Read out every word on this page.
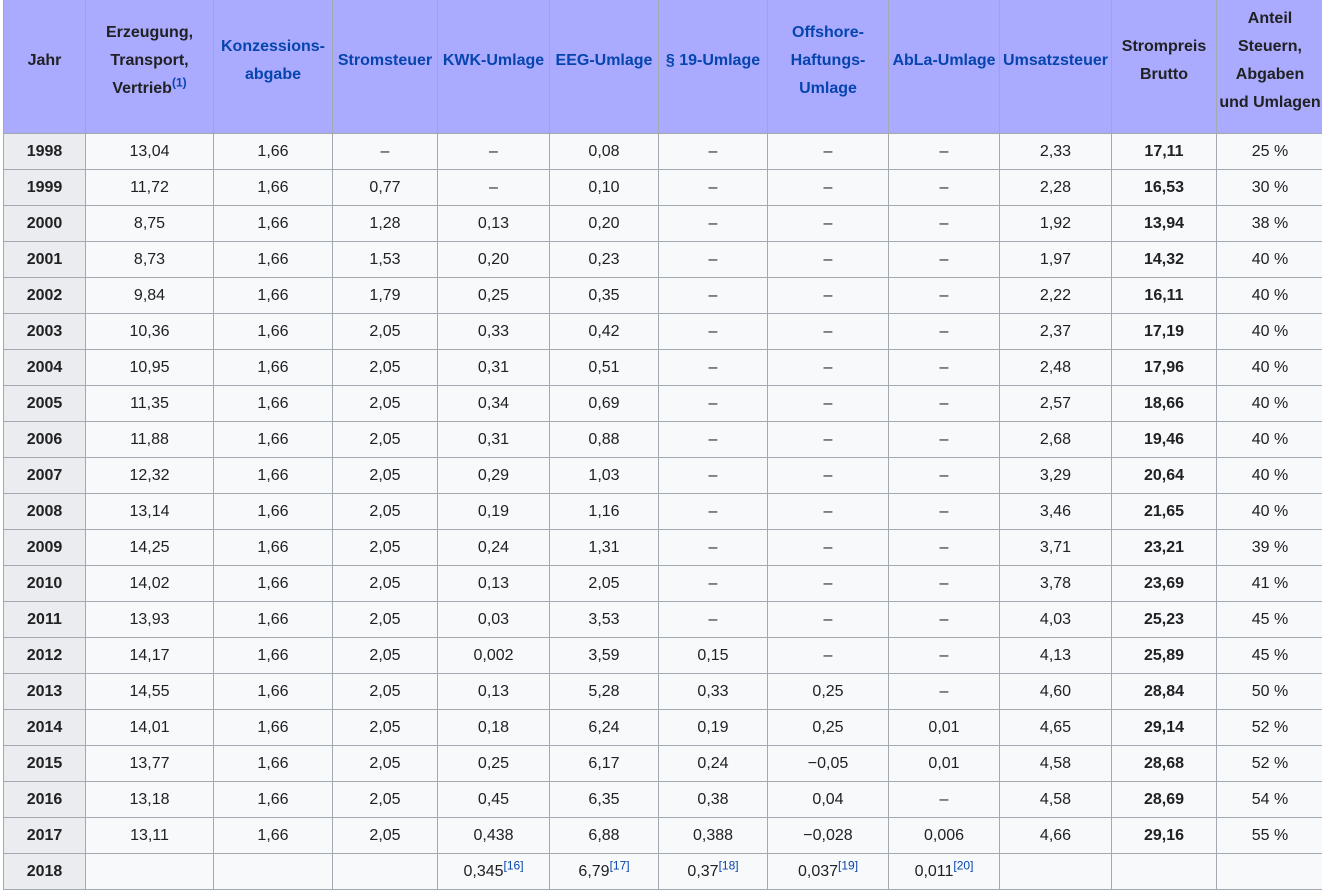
Jahr	Erzeugung, Transport, Vertrieb$^{(1)}$	Konzessionsabgabe	Stromsteuer	KWK-Umlage	EEG-Umlage	§ 19-Umlage	Offshore-HaftungsUmlage	AbLa-Umlage	Umsatzsteuer	Strompreis Brutto	Anteil Steuern, Abgaben und Umlagen
1998	13,04	1,66	–	–	0,08	–	–	–	2,33	17,11	25 %
1999	11,72	1,66	0,77	–	0,10	–	–	–	2,28	16,53	30 %
2000	8,75	1,66	1,28	0,13	0,20	–	–	–	1,92	13,94	38 %
2001	8,73	1,66	1,53	0,20	0,23	–	–	–	1,97	14,32	40 %
2002	9,84	1,66	1,79	0,25	0,35	–	–	–	2,22	16,11	40 %
2003	10,36	1,66	2,05	0,33	0,42	–	–	–	2,37	17,19	40 %
2004	10,95	1,66	2,05	0,31	0,51	–	–	–	2,48	17,96	40 %
2005	11,35	1,66	2,05	0,34	0,69	–	–	–	2,57	18,66	40 %
2006	11,88	1,66	2,05	0,31	0,88	–	–	–	2,68	19,46	40 %
2007	12,32	1,66	2,05	0,29	1,03	–	–	–	3,29	20,64	40 %
2008	13,14	1,66	2,05	0,19	1,16	–	–	–	3,46	21,65	40 %
2009	14,25	1,66	2,05	0,24	1,31	–	–	–	3,71	23,21	39 %
2010	14,02	1,66	2,05	0,13	2,05	–	–	–	3,78	23,69	41 %
2011	13,93	1,66	2,05	0,03	3,53	–	–	–	4,03	25,23	45 %
2012	14,17	1,66	2,05	0,002	3,59	0,15	–	–	4,13	25,89	45 %
2013	14,55	1,66	2,05	0,13	5,28	0,33	0,25	–	4,60	28,84	50 %
2014	14,01	1,66	2,05	0,18	6,24	0,19	0,25	0,01	4,65	29,14	52 %
2015	13,77	1,66	2,05	0,25	6,17	0,24	−0,05	0,01	4,58	28,68	52 %
2016	13,18	1,66	2,05	0,45	6,35	0,38	0,04	–	4,58	28,69	54 %
2017	13,11	1,66	2,05	0,438	6,88	0,388	−0,028	0,006	4,66	29,16	55 %
2018				0,345[16]	6,79[17]	0,37[18]	0,037[19]	0,011[20]			
